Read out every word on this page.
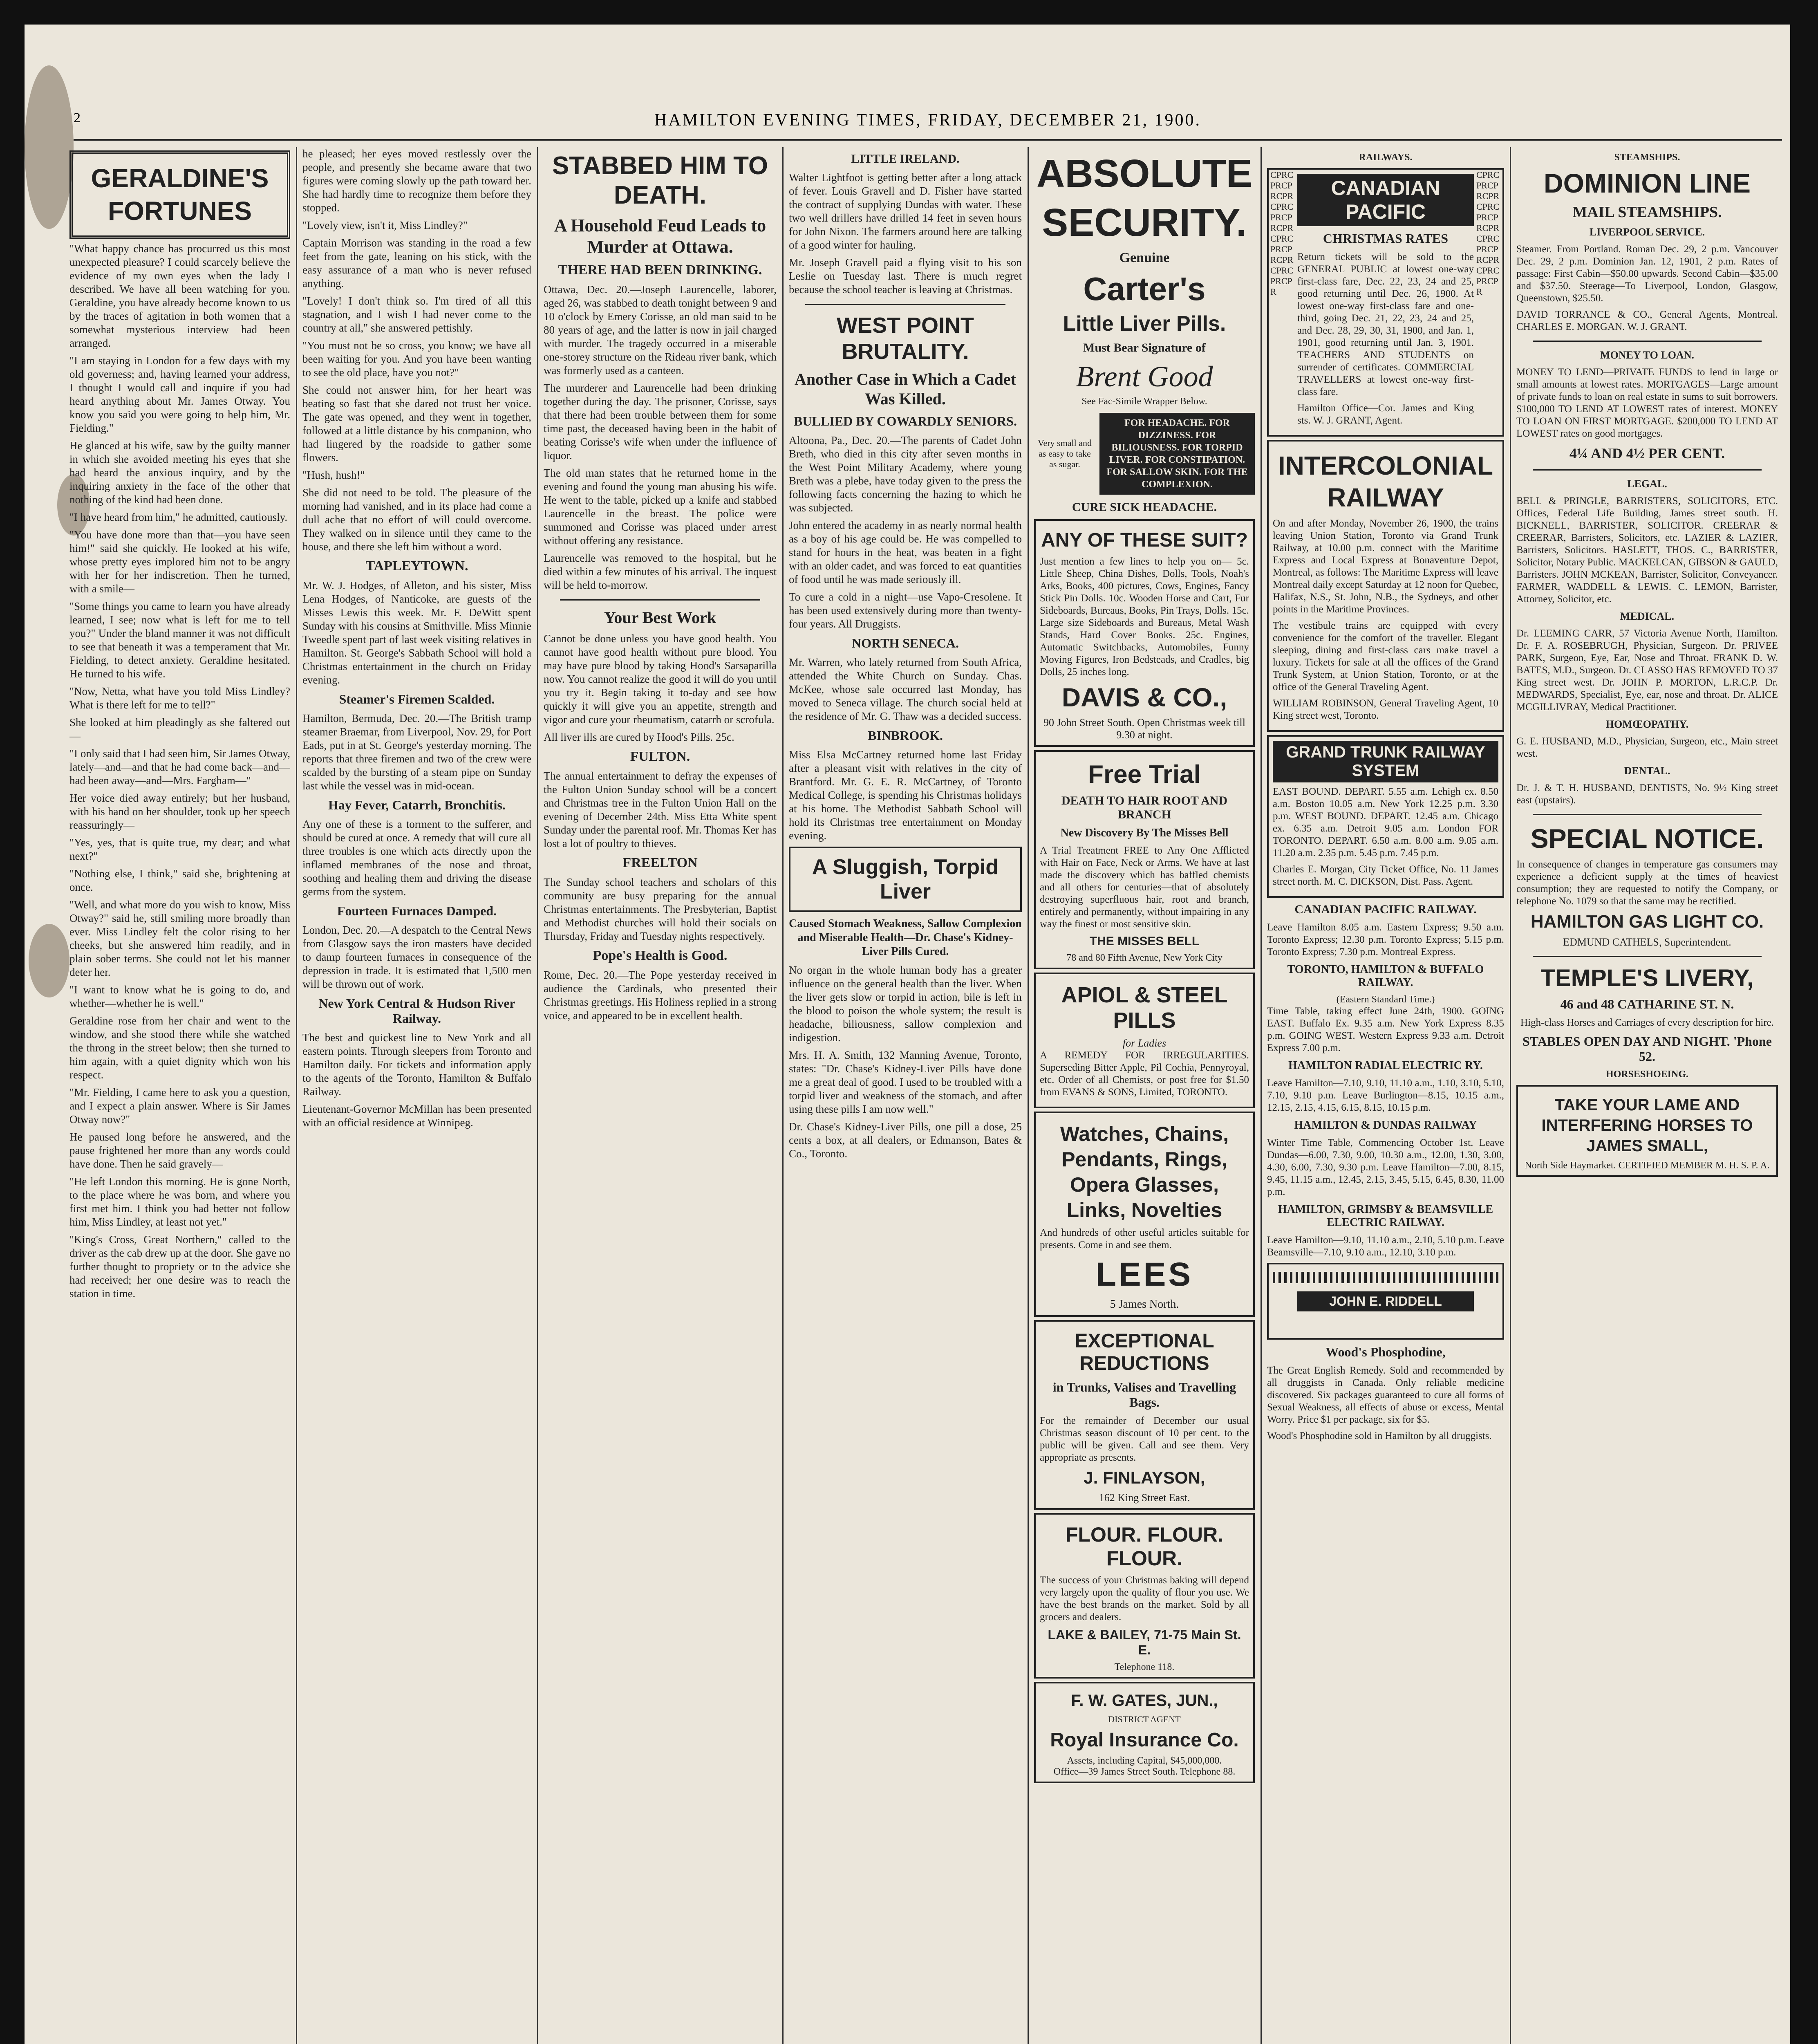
2	HAMILTON EVENING TIMES, FRIDAY, DECEMBER 21, 1900.
GERALDINE'S FORTUNES

"What happy chance has procurred us this most unexpected pleasure? I could scarcely believe the evidence of my own eyes when the lady I described. We have all been watching for you. Geraldine, you have already become known to us by the traces of agitation in both women that a somewhat mysterious interview had been arranged.

"I am staying in London for a few days with my old governess; and, having learned your address, I thought I would call and inquire if you had heard anything about Mr. James Otway. You know you said you were going to help him, Mr. Fielding."

He glanced at his wife, saw by the guilty manner in which she avoided meeting his eyes that she had heard the anxious inquiry, and by the inquiring anxiety in the face of the other that nothing of the kind had been done.

"I have heard from him," he admitted, cautiously.

"You have done more than that—you have seen him!" said she quickly. He looked at his wife, whose pretty eyes implored him not to be angry with her for her indiscretion. Then he turned, with a smile—

"Some things you came to learn you have already learned, I see; now what is left for me to tell you?" Under the bland manner it was not difficult to see that beneath it was a temperament that Mr. Fielding, to detect anxiety. Geraldine hesitated. He turned to his wife.

"Now, Netta, what have you told Miss Lindley? What is there left for me to tell?"

She looked at him pleadingly as she faltered out—

"I only said that I had seen him, Sir James Otway, lately—and—and that he had come back—and—had been away—and—Mrs. Fargham—"

Her voice died away entirely; but her husband, with his hand on her shoulder, took up her speech reassuringly—

"Yes, yes, that is quite true, my dear; and what next?"

"Nothing else, I think," said she, brightening at once.

"Well, and what more do you wish to know, Miss Otway?" said he, still smiling more broadly than ever. Miss Lindley felt the color rising to her cheeks, but she answered him readily, and in plain sober terms. She could not let his manner deter her.

"I want to know what he is going to do, and whether—whether he is well."

Geraldine rose from her chair and went to the window, and she stood there while she watched the throng in the street below; then she turned to him again, with a quiet dignity which won his respect.

"Mr. Fielding, I came here to ask you a question, and I expect a plain answer. Where is Sir James Otway now?"

He paused long before he answered, and the pause frightened her more than any words could have done. Then he said gravely—

"He left London this morning. He is gone North, to the place where he was born, and where you first met him. I think you had better not follow him, Miss Lindley, at least not yet."

"King's Cross, Great Northern," called to the driver as the cab drew up at the door. She gave no further thought to propriety or to the advice she had received; her one desire was to reach the station in time.

he pleased; her eyes moved restlessly over the people, and presently she became aware that two figures were coming slowly up the path toward her. She had hardly time to recognize them before they stopped.

"Lovely view, isn't it, Miss Lindley?"

Captain Morrison was standing in the road a few feet from the gate, leaning on his stick, with the easy assurance of a man who is never refused anything.

"Lovely! I don't think so. I'm tired of all this stagnation, and I wish I had never come to the country at all," she answered pettishly.

"You must not be so cross, you know; we have all been waiting for you. And you have been wanting to see the old place, have you not?"

She could not answer him, for her heart was beating so fast that she dared not trust her voice. The gate was opened, and they went in together, followed at a little distance by his companion, who had lingered by the roadside to gather some flowers.

"Hush, hush!"

She did not need to be told. The pleasure of the morning had vanished, and in its place had come a dull ache that no effort of will could overcome. They walked on in silence until they came to the house, and there she left him without a word.

TAPLEYTOWN.

Mr. W. J. Hodges, of Alleton, and his sister, Miss Lena Hodges, of Nanticoke, are guests of the Misses Lewis this week. Mr. F. DeWitt spent Sunday with his cousins at Smithville. Miss Minnie Tweedle spent part of last week visiting relatives in Hamilton. St. George's Sabbath School will hold a Christmas entertainment in the church on Friday evening.

Steamer's Firemen Scalded.

Hamilton, Bermuda, Dec. 20.—The British tramp steamer Braemar, from Liverpool, Nov. 29, for Port Eads, put in at St. George's yesterday morning. The reports that three firemen and two of the crew were scalded by the bursting of a steam pipe on Sunday last while the vessel was in mid-ocean.

Hay Fever, Catarrh, Bronchitis.

Any one of these is a torment to the sufferer, and should be cured at once. A remedy that will cure all three troubles is one which acts directly upon the inflamed membranes of the nose and throat, soothing and healing them and driving the disease germs from the system.

Fourteen Furnaces Damped.

London, Dec. 20.—A despatch to the Central News from Glasgow says the iron masters have decided to damp fourteen furnaces in consequence of the depression in trade. It is estimated that 1,500 men will be thrown out of work.

New York Central & Hudson River Railway.

The best and quickest line to New York and all eastern points. Through sleepers from Toronto and Hamilton daily. For tickets and information apply to the agents of the Toronto, Hamilton & Buffalo Railway.

Lieutenant-Governor McMillan has been presented with an official residence at Winnipeg.

STABBED HIM TO DEATH.
A Household Feud Leads to Murder at Ottawa.
THERE HAD BEEN DRINKING.

Ottawa, Dec. 20.—Joseph Laurencelle, laborer, aged 26, was stabbed to death tonight between 9 and 10 o'clock by Emery Corisse, an old man said to be 80 years of age, and the latter is now in jail charged with murder. The tragedy occurred in a miserable one-storey structure on the Rideau river bank, which was formerly used as a canteen.

The murderer and Laurencelle had been drinking together during the day. The prisoner, Corisse, says that there had been trouble between them for some time past, the deceased having been in the habit of beating Corisse's wife when under the influence of liquor.

The old man states that he returned home in the evening and found the young man abusing his wife. He went to the table, picked up a knife and stabbed Laurencelle in the breast. The police were summoned and Corisse was placed under arrest without offering any resistance.

Laurencelle was removed to the hospital, but he died within a few minutes of his arrival. The inquest will be held to-morrow.

Your Best Work

Cannot be done unless you have good health. You cannot have good health without pure blood. You may have pure blood by taking Hood's Sarsaparilla now. You cannot realize the good it will do you until you try it. Begin taking it to-day and see how quickly it will give you an appetite, strength and vigor and cure your rheumatism, catarrh or scrofula.

All liver ills are cured by Hood's Pills. 25c.

FULTON.

The annual entertainment to defray the expenses of the Fulton Union Sunday school will be a concert and Christmas tree in the Fulton Union Hall on the evening of December 24th. Miss Etta White spent Sunday under the parental roof. Mr. Thomas Ker has lost a lot of poultry to thieves.

FREELTON

The Sunday school teachers and scholars of this community are busy preparing for the annual Christmas entertainments. The Presbyterian, Baptist and Methodist churches will hold their socials on Thursday, Friday and Tuesday nights respectively.

Pope's Health is Good.

Rome, Dec. 20.—The Pope yesterday received in audience the Cardinals, who presented their Christmas greetings. His Holiness replied in a strong voice, and appeared to be in excellent health.

LITTLE IRELAND.

Walter Lightfoot is getting better after a long attack of fever. Louis Gravell and D. Fisher have started the contract of supplying Dundas with water. These two well drillers have drilled 14 feet in seven hours for John Nixon. The farmers around here are talking of a good winter for hauling.

Mr. Joseph Gravell paid a flying visit to his son Leslie on Tuesday last. There is much regret because the school teacher is leaving at Christmas.

WEST POINT BRUTALITY.
Another Case in Which a Cadet Was Killed.
BULLIED BY COWARDLY SENIORS.

Altoona, Pa., Dec. 20.—The parents of Cadet John Breth, who died in this city after seven months in the West Point Military Academy, where young Breth was a plebe, have today given to the press the following facts concerning the hazing to which he was subjected.

John entered the academy in as nearly normal health as a boy of his age could be. He was compelled to stand for hours in the heat, was beaten in a fight with an older cadet, and was forced to eat quantities of food until he was made seriously ill.

To cure a cold in a night—use Vapo-Cresolene. It has been used extensively during more than twenty-four years. All Druggists.

NORTH SENECA.

Mr. Warren, who lately returned from South Africa, attended the White Church on Sunday. Chas. McKee, whose sale occurred last Monday, has moved to Seneca village. The church social held at the residence of Mr. G. Thaw was a decided success.

BINBROOK.

Miss Elsa McCartney returned home last Friday after a pleasant visit with relatives in the city of Brantford. Mr. G. E. R. McCartney, of Toronto Medical College, is spending his Christmas holidays at his home. The Methodist Sabbath School will hold its Christmas tree entertainment on Monday evening.

A Sluggish, Torpid Liver
Caused Stomach Weakness, Sallow Complexion and Miserable Health—Dr. Chase's Kidney-Liver Pills Cured.

No organ in the whole human body has a greater influence on the general health than the liver. When the liver gets slow or torpid in action, bile is left in the blood to poison the whole system; the result is headache, biliousness, sallow complexion and indigestion.

Mrs. H. A. Smith, 132 Manning Avenue, Toronto, states: "Dr. Chase's Kidney-Liver Pills have done me a great deal of good. I used to be troubled with a torpid liver and weakness of the stomach, and after using these pills I am now well."

Dr. Chase's Kidney-Liver Pills, one pill a dose, 25 cents a box, at all dealers, or Edmanson, Bates & Co., Toronto.

ABSOLUTE
SECURITY.
Genuine
Carter's
Little Liver Pills.
Must Bear Signature of
Brent Good
See Fac-Simile Wrapper Below.
Very small and as easy to take as sugar.
FOR HEADACHE. FOR DIZZINESS. FOR BILIOUSNESS. FOR TORPID LIVER. FOR CONSTIPATION. FOR SALLOW SKIN. FOR THE COMPLEXION.
CURE SICK HEADACHE.
ANY OF THESE SUIT?

Just mention a few lines to help you on— 5c. Little Sheep, China Dishes, Dolls, Tools, Noah's Arks, Books, 400 pictures, Cows, Engines, Fancy Stick Pin Dolls. 10c. Wooden Horse and Cart, Fur Sideboards, Bureaus, Books, Pin Trays, Dolls. 15c. Large size Sideboards and Bureaus, Metal Wash Stands, Hard Cover Books. 25c. Engines, Automatic Switchbacks, Automobiles, Funny Moving Figures, Iron Bedsteads, and Cradles, big Dolls, 25 inches long.

DAVIS & CO.,
90 John Street South. Open Christmas week till 9.30 at night.
Free Trial
DEATH TO HAIR ROOT AND BRANCH
New Discovery By The Misses Bell

A Trial Treatment FREE to Any One Afflicted with Hair on Face, Neck or Arms. We have at last made the discovery which has baffled chemists and all others for centuries—that of absolutely destroying superfluous hair, root and branch, entirely and permanently, without impairing in any way the finest or most sensitive skin.

THE MISSES BELL
78 and 80 Fifth Avenue, New York City
APIOL & STEEL PILLS
for Ladies

A REMEDY FOR IRREGULARITIES. Superseding Bitter Apple, Pil Cochia, Pennyroyal, etc. Order of all Chemists, or post free for $1.50 from EVANS & SONS, Limited, TORONTO.

Watches, Chains, Pendants, Rings, Opera Glasses, Links, Novelties

And hundreds of other useful articles suitable for presents. Come in and see them.

LEES
5 James North.
EXCEPTIONAL REDUCTIONS
in Trunks, Valises and Travelling Bags.

For the remainder of December our usual Christmas season discount of 10 per cent. to the public will be given. Call and see them. Very appropriate as presents.

J. FINLAYSON,
162 King Street East.
FLOUR. FLOUR. FLOUR.

The success of your Christmas baking will depend very largely upon the quality of flour you use. We have the best brands on the market. Sold by all grocers and dealers.

LAKE & BAILEY, 71-75 Main St. E.
Telephone 118.
F. W. GATES, JUN.,
DISTRICT AGENT
Royal Insurance Co.
Assets, including Capital, $45,000,000.
Office—39 James Street South. Telephone 88.
RAILWAYS.
CPRCPRCPRCPRCPRCPRCPRCPRCPRCPRCPRCPRCPRCPRCPR
CPRCPRCPRCPRCPRCPRCPRCPRCPRCPRCPRCPRCPRCPRCPR
CANADIAN
PACIFIC
CHRISTMAS RATES

Return tickets will be sold to the GENERAL PUBLIC at lowest one-way first-class fare, Dec. 22, 23, 24 and 25, good returning until Dec. 26, 1900. At lowest one-way first-class fare and one-third, going Dec. 21, 22, 23, 24 and 25, and Dec. 28, 29, 30, 31, 1900, and Jan. 1, 1901, good returning until Jan. 3, 1901. TEACHERS AND STUDENTS on surrender of certificates. COMMERCIAL TRAVELLERS at lowest one-way first-class fare.

Hamilton Office—Cor. James and King sts. W. J. GRANT, Agent.

INTERCOLONIAL RAILWAY

On and after Monday, November 26, 1900, the trains leaving Union Station, Toronto via Grand Trunk Railway, at 10.00 p.m. connect with the Maritime Express and Local Express at Bonaventure Depot, Montreal, as follows: The Maritime Express will leave Montreal daily except Saturday at 12 noon for Quebec, Halifax, N.S., St. John, N.B., the Sydneys, and other points in the Maritime Provinces.

The vestibule trains are equipped with every convenience for the comfort of the traveller. Elegant sleeping, dining and first-class cars make travel a luxury. Tickets for sale at all the offices of the Grand Trunk System, at Union Station, Toronto, or at the office of the General Traveling Agent.

WILLIAM ROBINSON, General Traveling Agent, 10 King street west, Toronto.

GRAND TRUNK RAILWAY SYSTEM

EAST BOUND. DEPART. 5.55 a.m. Lehigh ex. 8.50 a.m. Boston 10.05 a.m. New York 12.25 p.m. 3.30 p.m. WEST BOUND. DEPART. 12.45 a.m. Chicago ex. 6.35 a.m. Detroit 9.05 a.m. London FOR TORONTO. DEPART. 6.50 a.m. 8.00 a.m. 9.05 a.m. 11.20 a.m. 2.35 p.m. 5.45 p.m. 7.45 p.m.

Charles E. Morgan, City Ticket Office, No. 11 James street north. M. C. DICKSON, Dist. Pass. Agent.

CANADIAN PACIFIC RAILWAY.

Leave Hamilton 8.05 a.m. Eastern Express; 9.50 a.m. Toronto Express; 12.30 p.m. Toronto Express; 5.15 p.m. Toronto Express; 7.30 p.m. Montreal Express.

TORONTO, HAMILTON & BUFFALO RAILWAY.
(Eastern Standard Time.)

Time Table, taking effect June 24th, 1900. GOING EAST. Buffalo Ex. 9.35 a.m. New York Express 8.35 p.m. GOING WEST. Western Express 9.33 a.m. Detroit Express 7.00 p.m.

HAMILTON RADIAL ELECTRIC RY.

Leave Hamilton—7.10, 9.10, 11.10 a.m., 1.10, 3.10, 5.10, 7.10, 9.10 p.m. Leave Burlington—8.15, 10.15 a.m., 12.15, 2.15, 4.15, 6.15, 8.15, 10.15 p.m.

HAMILTON & DUNDAS RAILWAY

Winter Time Table, Commencing October 1st. Leave Dundas—6.00, 7.30, 9.00, 10.30 a.m., 12.00, 1.30, 3.00, 4.30, 6.00, 7.30, 9.30 p.m. Leave Hamilton—7.00, 8.15, 9.45, 11.15 a.m., 12.45, 2.15, 3.45, 5.15, 6.45, 8.30, 11.00 p.m.

HAMILTON, GRIMSBY & BEAMSVILLE ELECTRIC RAILWAY.

Leave Hamilton—9.10, 11.10 a.m., 2.10, 5.10 p.m. Leave Beamsville—7.10, 9.10 a.m., 12.10, 3.10 p.m.

JOHN E. RIDDELL
Wood's Phosphodine,

The Great English Remedy. Sold and recommended by all druggists in Canada. Only reliable medicine discovered. Six packages guaranteed to cure all forms of Sexual Weakness, all effects of abuse or excess, Mental Worry. Price $1 per package, six for $5.

Wood's Phosphodine sold in Hamilton by all druggists.

STEAMSHIPS.
DOMINION LINE
MAIL STEAMSHIPS.
LIVERPOOL SERVICE.

Steamer. From Portland. Roman Dec. 29, 2 p.m. Vancouver Dec. 29, 2 p.m. Dominion Jan. 12, 1901, 2 p.m. Rates of passage: First Cabin—$50.00 upwards. Second Cabin—$35.00 and $37.50. Steerage—To Liverpool, London, Glasgow, Queenstown, $25.50.

DAVID TORRANCE & CO., General Agents, Montreal. CHARLES E. MORGAN. W. J. GRANT.

MONEY TO LOAN.

MONEY TO LEND—PRIVATE FUNDS to lend in large or small amounts at lowest rates. MORTGAGES—Large amount of private funds to loan on real estate in sums to suit borrowers. $100,000 TO LEND AT LOWEST rates of interest. MONEY TO LOAN ON FIRST MORTGAGE. $200,000 TO LEND AT LOWEST rates on good mortgages.

4¼ AND 4½ PER CENT.
LEGAL.

BELL & PRINGLE, BARRISTERS, SOLICITORS, ETC. Offices, Federal Life Building, James street south. H. BICKNELL, BARRISTER, SOLICITOR. CREERAR & CREERAR, Barristers, Solicitors, etc. LAZIER & LAZIER, Barristers, Solicitors. HASLETT, THOS. C., BARRISTER, Solicitor, Notary Public. MACKELCAN, GIBSON & GAULD, Barristers. JOHN MCKEAN, Barrister, Solicitor, Conveyancer. FARMER, WADDELL & LEWIS. C. LEMON, Barrister, Attorney, Solicitor, etc.

MEDICAL.

Dr. LEEMING CARR, 57 Victoria Avenue North, Hamilton. Dr. F. A. ROSEBRUGH, Physician, Surgeon. Dr. PRIVEE PARK, Surgeon, Eye, Ear, Nose and Throat. FRANK D. W. BATES, M.D., Surgeon. Dr. CLASSO HAS REMOVED TO 37 King street west. Dr. JOHN P. MORTON, L.R.C.P. Dr. MEDWARDS, Specialist, Eye, ear, nose and throat. Dr. ALICE MCGILLIVRAY, Medical Practitioner.

HOMŒOPATHY.

G. E. HUSBAND, M.D., Physician, Surgeon, etc., Main street west.

DENTAL.

Dr. J. & T. H. HUSBAND, DENTISTS, No. 9½ King street east (upstairs).

SPECIAL NOTICE.

In consequence of changes in temperature gas consumers may experience a deficient supply at the times of heaviest consumption; they are requested to notify the Company, or telephone No. 1079 so that the same may be rectified.

HAMILTON GAS LIGHT CO.
EDMUND CATHELS, Superintendent.
TEMPLE'S LIVERY,
46 and 48 CATHARINE ST. N.

High-class Horses and Carriages of every description for hire.

STABLES OPEN DAY AND NIGHT. 'Phone 52.
HORSESHOEING.
TAKE YOUR LAME AND INTERFERING HORSES TO JAMES SMALL,
North Side Haymarket. CERTIFIED MEMBER M. H. S. P. A.
